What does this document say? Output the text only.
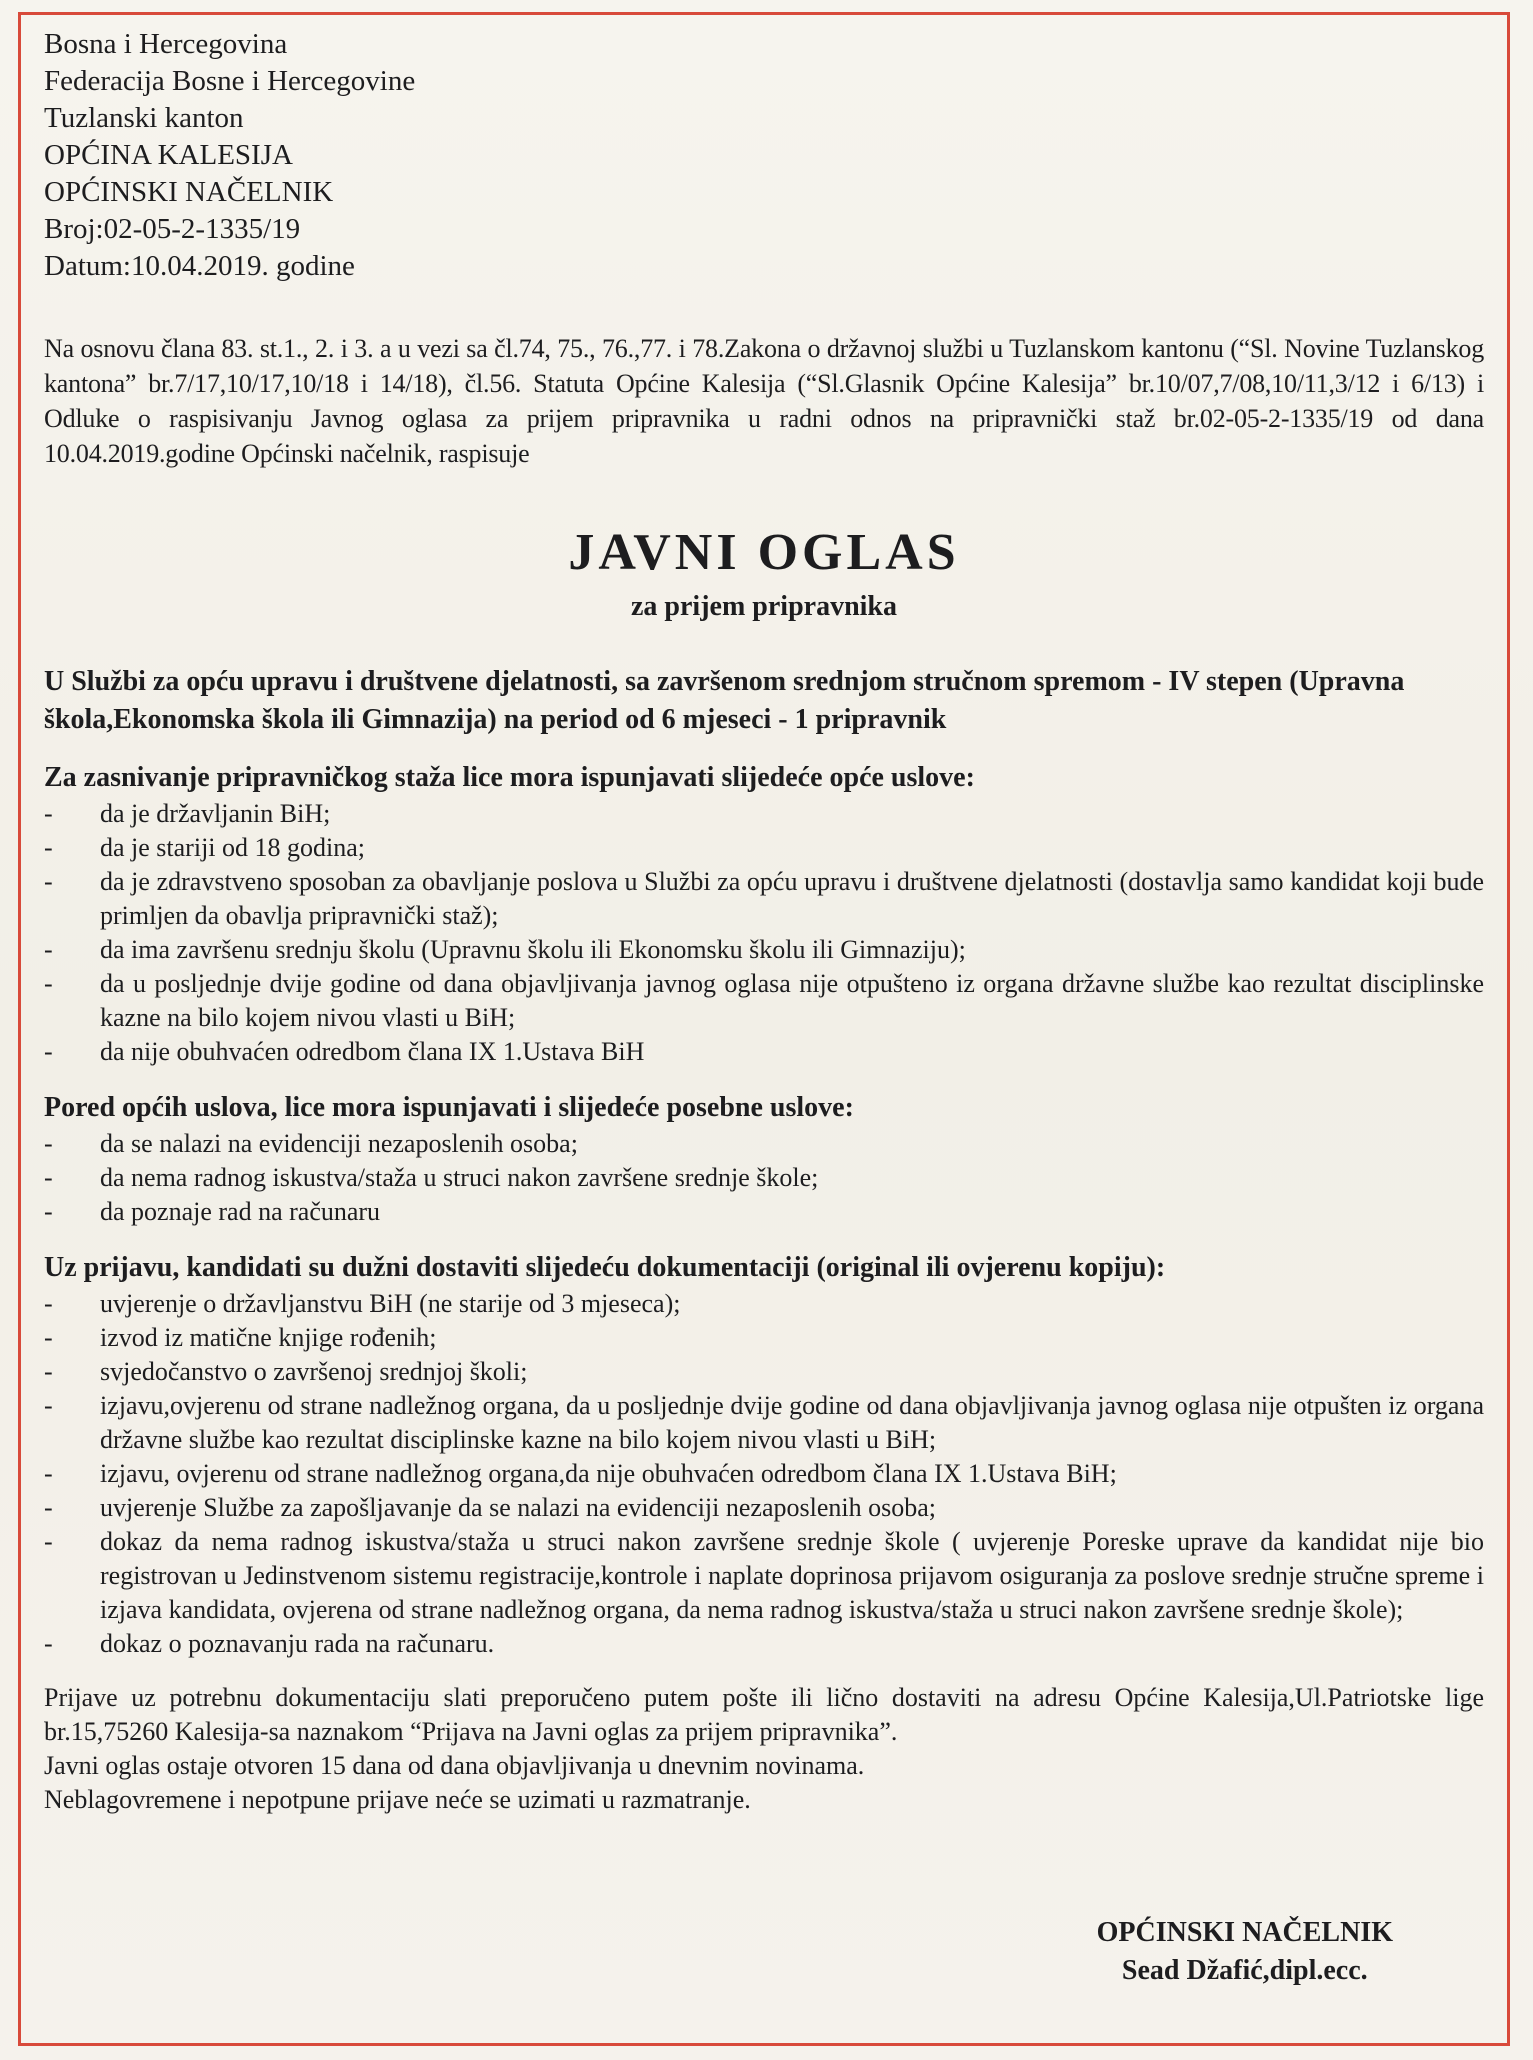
Bosna i Hercegovina

Federacija Bosne i Hercegovine

Tuzlanski kanton

OPĆINA KALESIJA

OPĆINSKI NAČELNIK

Broj:02-05-2-1335/19

Datum:10.04.2019. godine

Na osnovu člana 83. st.1., 2. i 3. a u vezi sa čl.74, 75., 76.,77. i 78.Zakona o državnoj službi u Tuzlanskom kantonu (“Sl. Novine Tuzlanskog kantona” br.7/17,10/17,10/18 i 14/18), čl.56. Statuta Općine Kalesija (“Sl.Glasnik Općine Kalesija” br.10/07,7/08,10/11,3/12 i 6/13) i Odluke o raspisivanju Javnog oglasa za prijem pripravnika u radni odnos na pripravnički staž br.02-05-2-1335/19 od dana 10.04.2019.godine Općinski načelnik, raspisuje
JAVNI OGLAS
za prijem pripravnika
U Službi za opću upravu i društvene djelatnosti, sa završenom srednjom stručnom spremom - IV stepen (Upravna škola,Ekonomska škola ili Gimnazija) na period od 6 mjeseci - 1 pripravnik
Za zasnivanje pripravničkog staža lice mora ispunjavati slijedeće opće uslove:
- da je državljanin BiH;
- da je stariji od 18 godina;
- da je zdravstveno sposoban za obavljanje poslova u Službi za opću upravu i društvene djelatnosti (dostavlja samo kandidat koji bude primljen da obavlja pripravnički staž);
- da ima završenu srednju školu (Upravnu školu ili Ekonomsku školu ili Gimnaziju);
- da u posljednje dvije godine od dana objavljivanja javnog oglasa nije otpušteno iz organa državne službe kao rezultat disciplinske kazne na bilo kojem nivou vlasti u BiH;
- da nije obuhvaćen odredbom člana IX 1.Ustava BiH
Pored općih uslova, lice mora ispunjavati i slijedeće posebne uslove:
- da se nalazi na evidenciji nezaposlenih osoba;
- da nema radnog iskustva/staža u struci nakon završene srednje škole;
- da poznaje rad na računaru
Uz prijavu, kandidati su dužni dostaviti slijedeću dokumentaciji (original ili ovjerenu kopiju):
- uvjerenje o državljanstvu BiH (ne starije od 3 mjeseca);
- izvod iz matične knjige rođenih;
- svjedočanstvo o završenoj srednjoj školi;
- izjavu,ovjerenu od strane nadležnog organa, da u posljednje dvije godine od dana objavljivanja javnog oglasa nije otpušten iz organa državne službe kao rezultat disciplinske kazne na bilo kojem nivou vlasti u BiH;
- izjavu, ovjerenu od strane nadležnog organa,da nije obuhvaćen odredbom člana IX 1.Ustava BiH;
- uvjerenje Službe za zapošljavanje da se nalazi na evidenciji nezaposlenih osoba;
- dokaz da nema radnog iskustva/staža u struci nakon završene srednje škole ( uvjerenje Poreske uprave da kandidat nije bio registrovan u Jedinstvenom sistemu registracije,kontrole i naplate doprinosa prijavom osiguranja za poslove srednje stručne spreme i izjava kandidata, ovjerena od strane nadležnog organa, da nema radnog iskustva/staža u struci nakon završene srednje škole);
- dokaz o poznavanju rada na računaru.
Prijave uz potrebnu dokumentaciju slati preporučeno putem pošte ili lično dostaviti na adresu Općine Kalesija,Ul.Patriotske lige br.15,75260 Kalesija-sa naznakom “Prijava na Javni oglas za prijem pripravnika”.
Javni oglas ostaje otvoren 15 dana od dana objavljivanja u dnevnim novinama.
Neblagovremene i nepotpune prijave neće se uzimati u razmatranje.
OPĆINSKI NAČELNIK
Sead Džafić,dipl.ecc.
